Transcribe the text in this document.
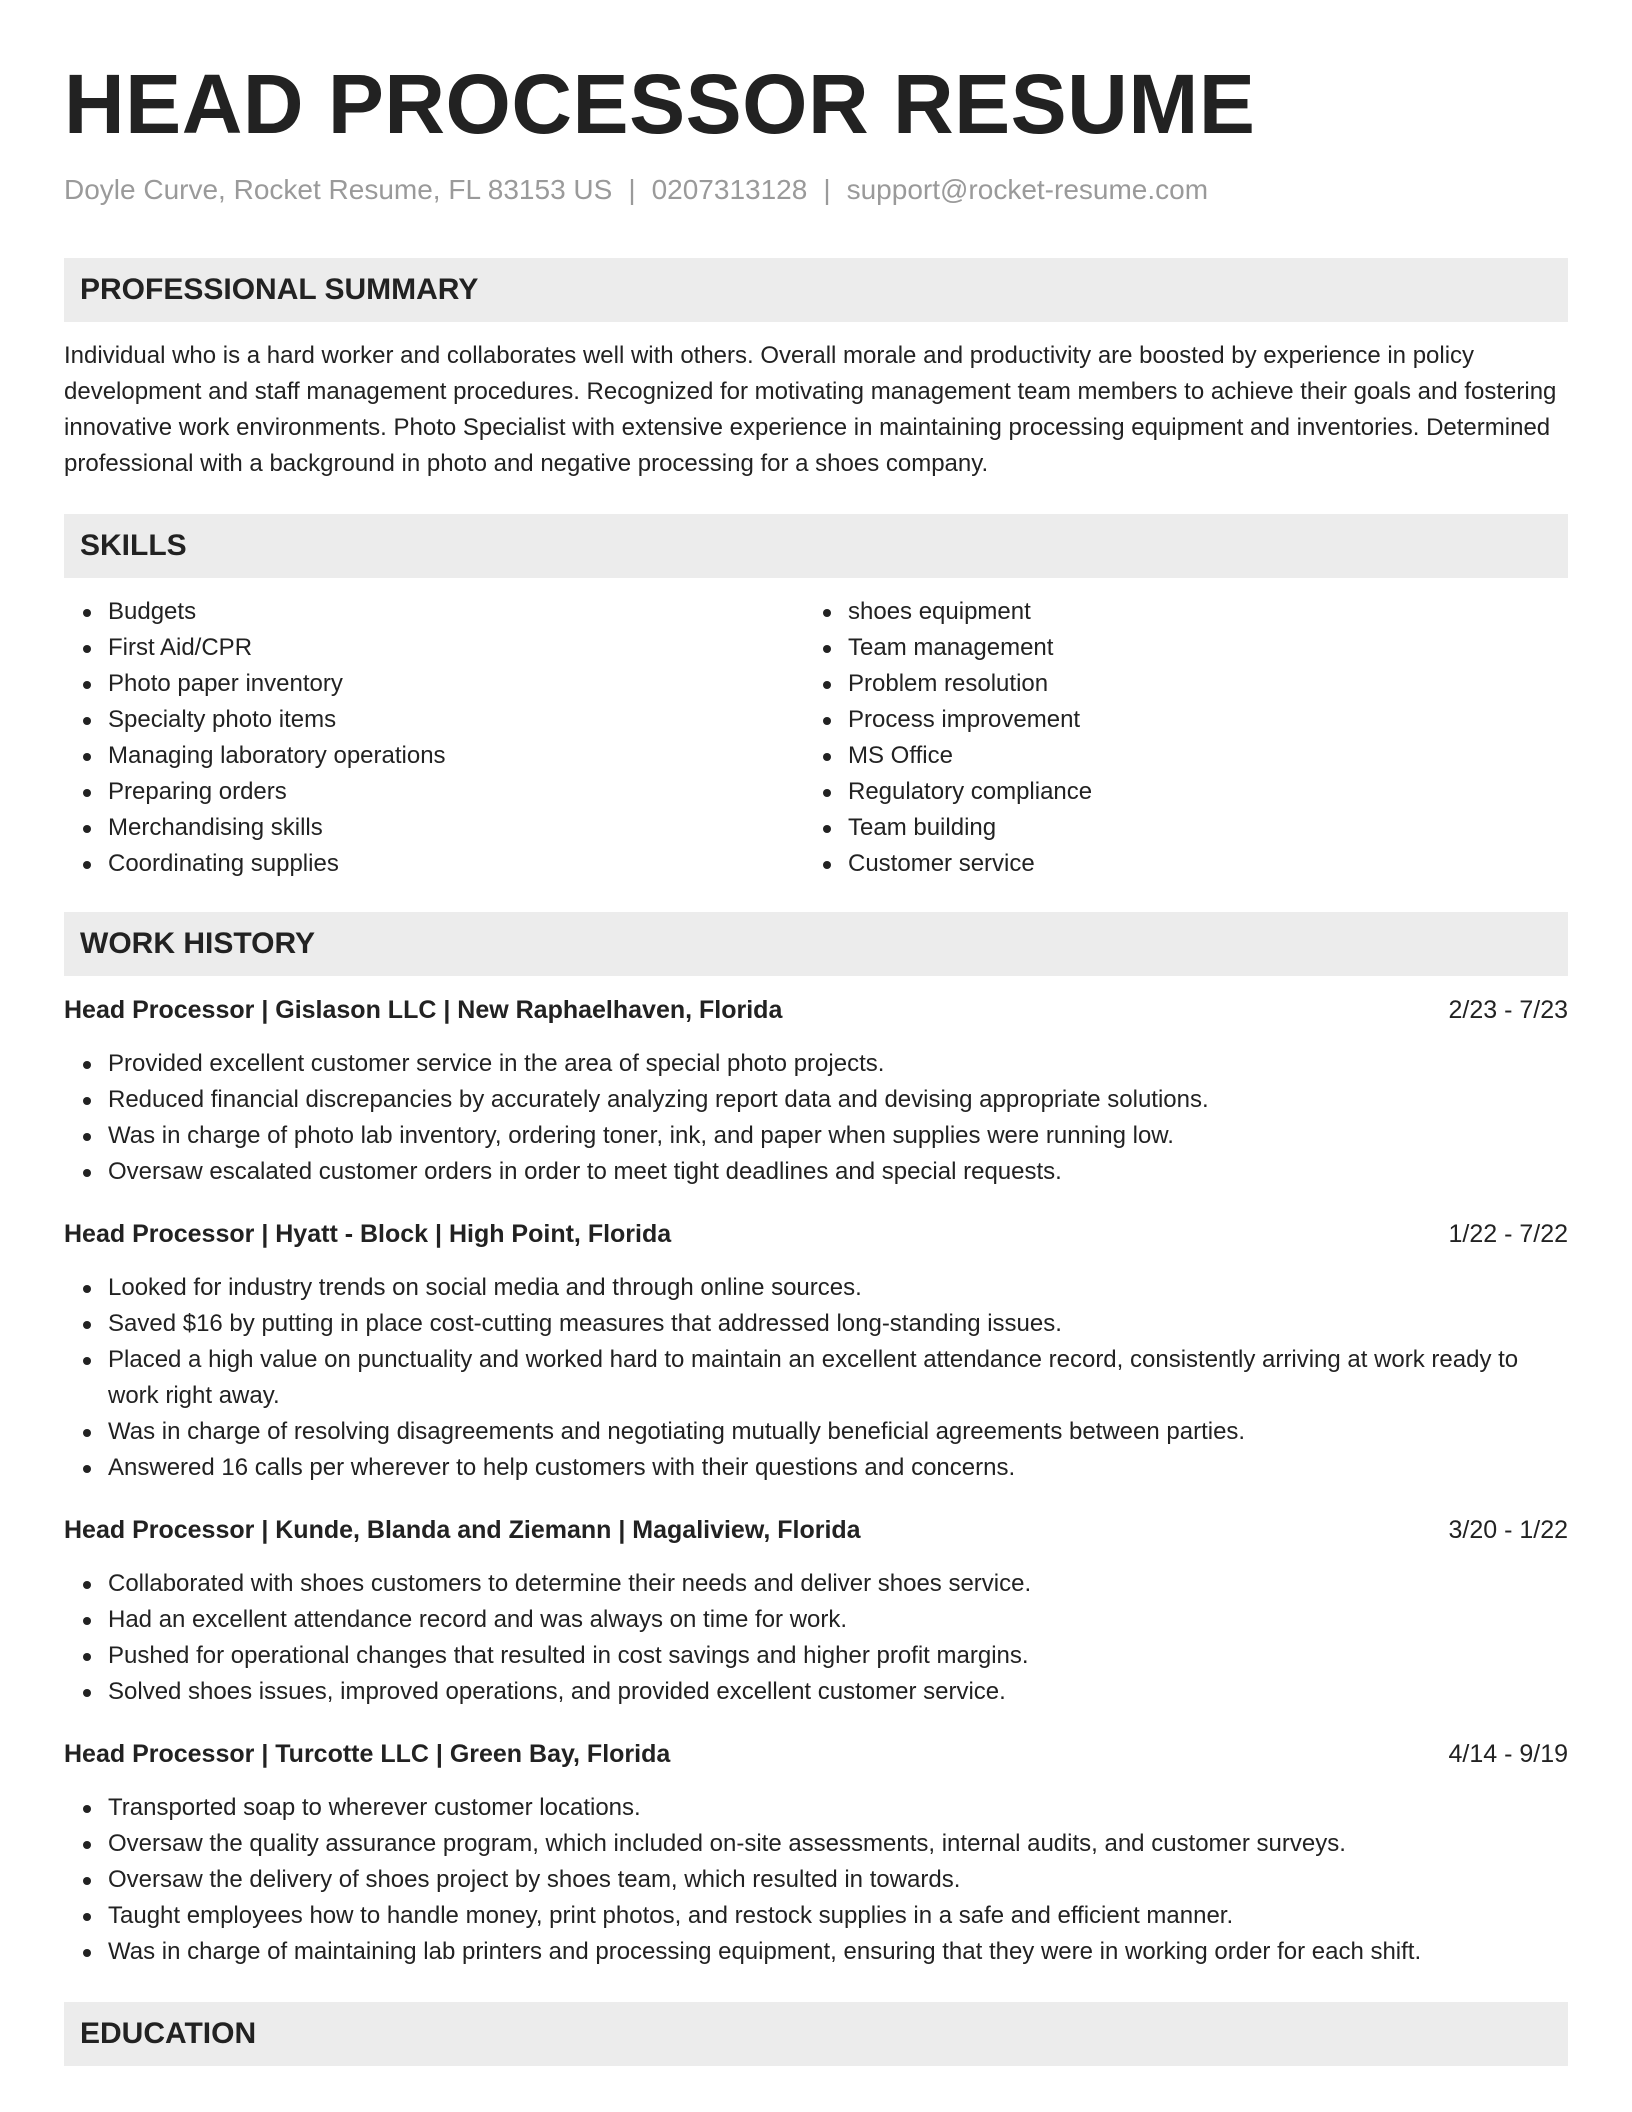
HEAD PROCESSOR RESUME
Doyle Curve, Rocket Resume, FL 83153 US | 0207313128 | support@rocket-resume.com
PROFESSIONAL SUMMARY
Individual who is a hard worker and collaborates well with others. Overall morale and productivity are boosted by experience in policy development and staff management procedures. Recognized for motivating management team members to achieve their goals and fostering innovative work environments. Photo Specialist with extensive experience in maintaining processing equipment and inventories. Determined professional with a background in photo and negative processing for a shoes company.
SKILLS
Budgets
First Aid/CPR
Photo paper inventory
Specialty photo items
Managing laboratory operations
Preparing orders
Merchandising skills
Coordinating supplies
shoes equipment
Team management
Problem resolution
Process improvement
MS Office
Regulatory compliance
Team building
Customer service
WORK HISTORY
Head Processor | Gislason LLC | New Raphaelhaven, Florida	2/23 - 7/23
Provided excellent customer service in the area of special photo projects.
Reduced financial discrepancies by accurately analyzing report data and devising appropriate solutions.
Was in charge of photo lab inventory, ordering toner, ink, and paper when supplies were running low.
Oversaw escalated customer orders in order to meet tight deadlines and special requests.
Head Processor | Hyatt - Block | High Point, Florida	1/22 - 7/22
Looked for industry trends on social media and through online sources.
Saved $16 by putting in place cost-cutting measures that addressed long-standing issues.
Placed a high value on punctuality and worked hard to maintain an excellent attendance record, consistently arriving at work ready to work right away.
Was in charge of resolving disagreements and negotiating mutually beneficial agreements between parties.
Answered 16 calls per wherever to help customers with their questions and concerns.
Head Processor | Kunde, Blanda and Ziemann | Magaliview, Florida	3/20 - 1/22
Collaborated with shoes customers to determine their needs and deliver shoes service.
Had an excellent attendance record and was always on time for work.
Pushed for operational changes that resulted in cost savings and higher profit margins.
Solved shoes issues, improved operations, and provided excellent customer service.
Head Processor | Turcotte LLC | Green Bay, Florida	4/14 - 9/19
Transported soap to wherever customer locations.
Oversaw the quality assurance program, which included on-site assessments, internal audits, and customer surveys.
Oversaw the delivery of shoes project by shoes team, which resulted in towards.
Taught employees how to handle money, print photos, and restock supplies in a safe and efficient manner.
Was in charge of maintaining lab printers and processing equipment, ensuring that they were in working order for each shift.
EDUCATION
